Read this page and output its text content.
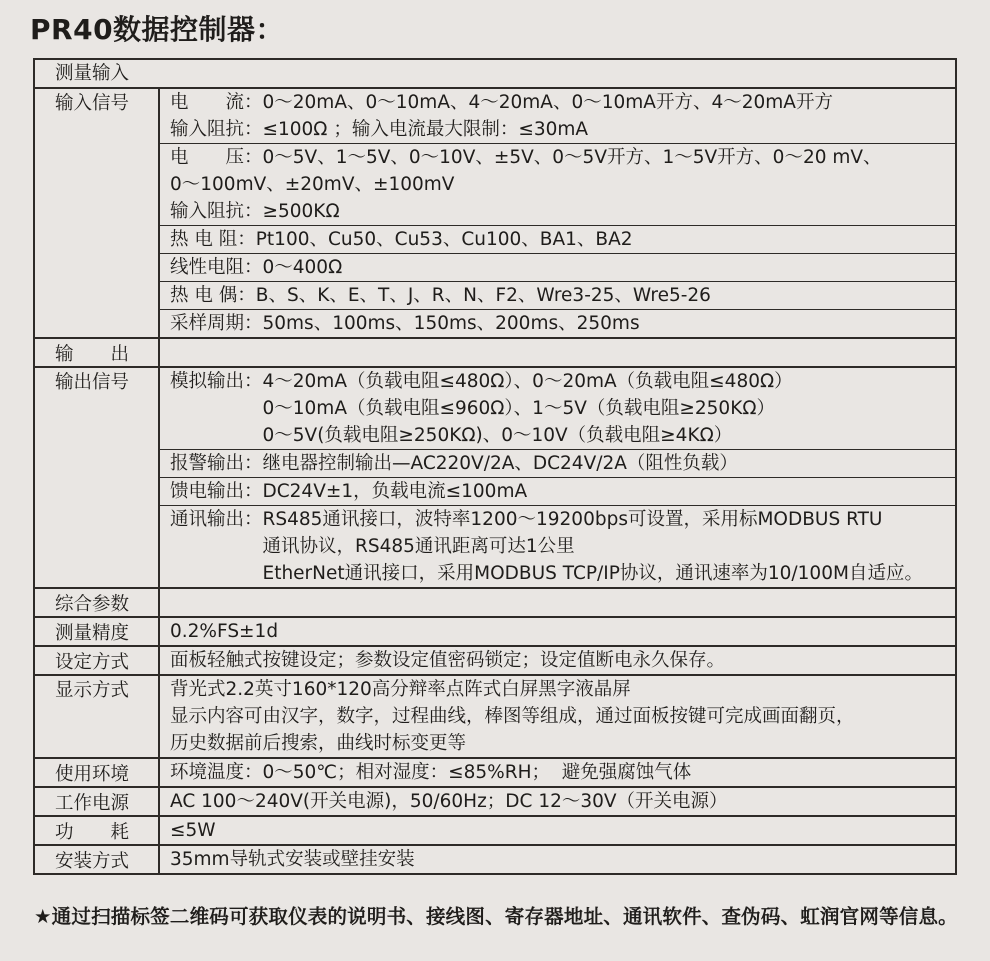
PR40数据控制器：
测量输入
输入信号	电　　流：0～20mA、0～10mA、4～20mA、0～10mA开方、4～20mA开方
输入阻抗：≤100Ω ；输入电流最大限制：≤30mA
电　　压：0～5V、1～5V、0～10V、±5V、0～5V开方、1～5V开方、0～20 mV、
0～100mV、±20mV、±100mV
输入阻抗：≥500KΩ
热 电 阻：Pt100、Cu50、Cu53、Cu100、BA1、BA2
线性电阻：0～400Ω
热 电 偶：B、S、K、E、T、J、R、N、F2、Wre3-25、Wre5-26
采样周期：50ms、100ms、150ms、200ms、250ms
输　　出
输出信号	模拟输出：4～20mA（负载电阻≤480Ω）、0～20mA（负载电阻≤480Ω）
　　　　　0～10mA（负载电阻≤960Ω）、1～5V（负载电阻≥250KΩ）
　　　　　0～5V(负载电阻≥250KΩ)、0～10V（负载电阻≥4KΩ）
报警输出：继电器控制输出—AC220V/2A、DC24V/2A（阻性负载）
馈电输出：DC24V±1，负载电流≤100mA
通讯输出：RS485通讯接口，波特率1200～19200bps可设置，采用标MODBUS RTU
　　　　　通讯协议，RS485通讯距离可达1公里
　　　　　EtherNet通讯接口，采用MODBUS TCP/IP协议，通讯速率为10/100M自适应。
综合参数
测量精度	0.2%FS±1d
设定方式	面板轻触式按键设定；参数设定值密码锁定；设定值断电永久保存。
显示方式	背光式2.2英寸160*120高分辩率点阵式白屏黑字液晶屏
显示内容可由汉字，数字，过程曲线，棒图等组成，通过面板按键可完成画面翻页，
历史数据前后搜索，曲线时标变更等
使用环境	环境温度：0～50℃；相对湿度：≤85%RH；  避免强腐蚀气体
工作电源	AC 100～240V(开关电源)，50/60Hz；DC 12～30V（开关电源）
功　　耗	≤5W
安装方式	35mm导轨式安装或壁挂安装
★通过扫描标签二维码可获取仪表的说明书、接线图、寄存器地址、通讯软件、查伪码、虹润官网等信息。
